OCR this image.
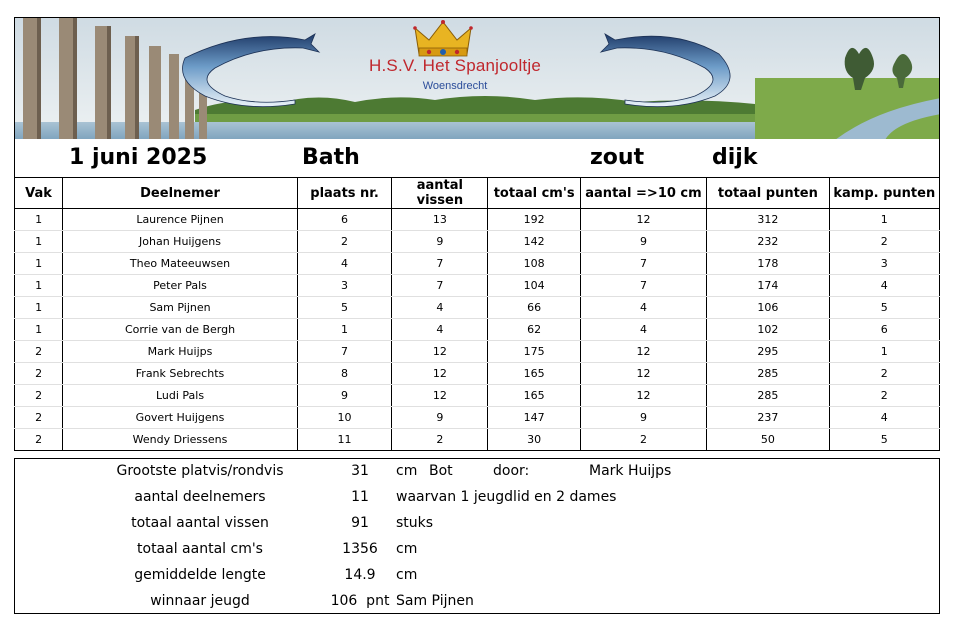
H.S.V. Het Spanjooltje
Woensdrecht
1 juni 2025	Bath	zout	dijk
Vak	Deelnemer	plaats nr.	aantal vissen	totaal cm's	aantal =>10 cm	totaal punten	kamp. punten
1	Laurence Pijnen	6	13	192	12	312	1
1	Johan Huijgens	2	9	142	9	232	2
1	Theo Mateeuwsen	4	7	108	7	178	3
1	Peter Pals	3	7	104	7	174	4
1	Sam Pijnen	5	4	66	4	106	5
1	Corrie van de Bergh	1	4	62	4	102	6
2	Mark Huijps	7	12	175	12	295	1
2	Frank Sebrechts	8	12	165	12	285	2
2	Ludi Pals	9	12	165	12	285	2
2	Govert Huijgens	10	9	147	9	237	4
2	Wendy Driessens	11	2	30	2	50	5
Grootste platvis/rondvis	31	cm Bot	door:	Mark Huijps
aantal deelnemers	11	waarvan 1 jeugdlid en 2 dames
totaal aantal vissen	91	stuks
totaal aantal cm's	1356	cm
gemiddelde lengte	14.9	cm
winnaar jeugd	106  pnt Sam Pijnen
